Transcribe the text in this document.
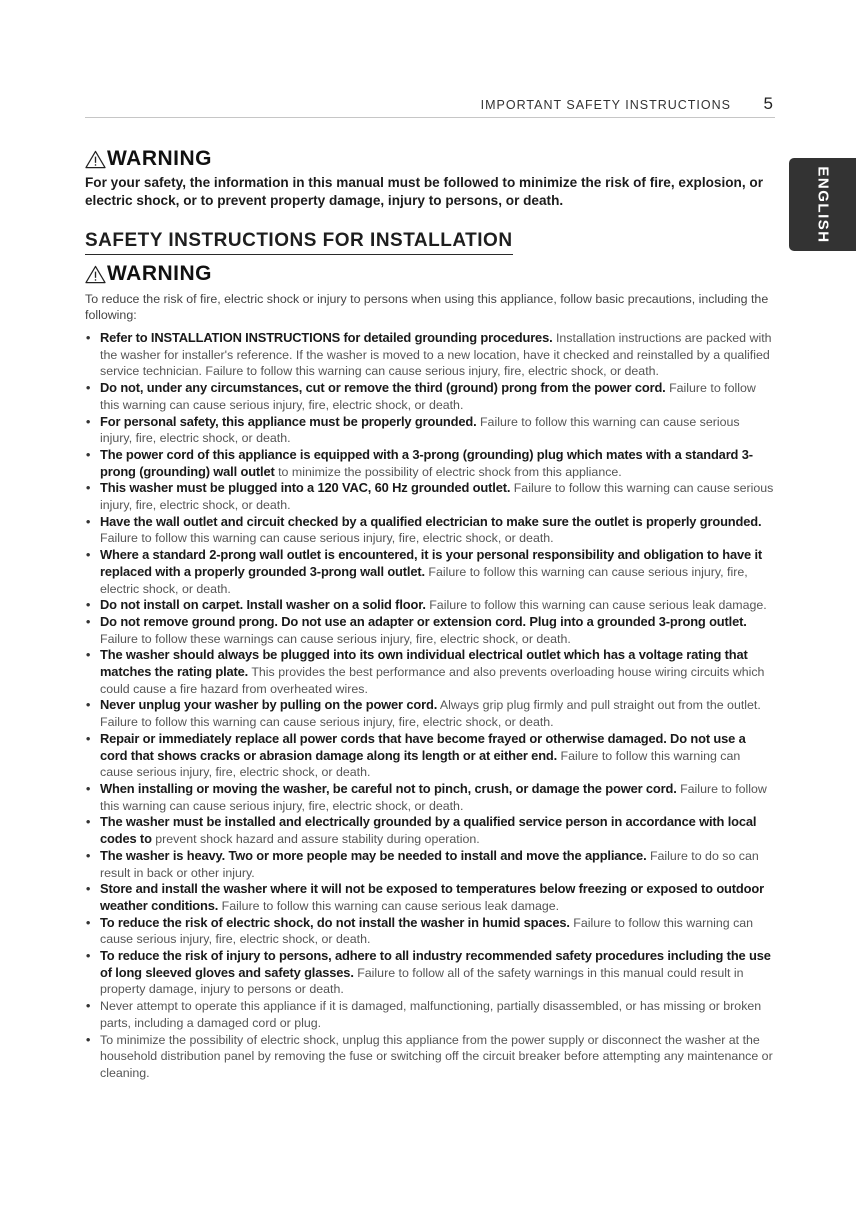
IMPORTANT SAFETY INSTRUCTIONS 5
ENGLISH
WARNING

For your safety, the information in this manual must be followed to minimize the risk of fire, explosion, or electric shock, or to prevent property damage, injury to persons, or death.

SAFETY INSTRUCTIONS FOR INSTALLATION
WARNING

To reduce the risk of fire, electric shock or injury to persons when using this appliance, follow basic precautions, including the following:

• Refer to INSTALLATION INSTRUCTIONS for detailed grounding procedures. Installation instructions are packed with the washer for installer's reference. If the washer is moved to a new location, have it checked and reinstalled by a qualified service technician. Failure to follow this warning can cause serious injury, fire, electric shock, or death.
• Do not, under any circumstances, cut or remove the third (ground) prong from the power cord. Failure to follow this warning can cause serious injury, fire, electric shock, or death.
• For personal safety, this appliance must be properly grounded. Failure to follow this warning can cause serious injury, fire, electric shock, or death.
• The power cord of this appliance is equipped with a 3-prong (grounding) plug which mates with a standard 3-prong (grounding) wall outlet to minimize the possibility of electric shock from this appliance.
• This washer must be plugged into a 120 VAC, 60 Hz grounded outlet. Failure to follow this warning can cause serious injury, fire, electric shock, or death.
• Have the wall outlet and circuit checked by a qualified electrician to make sure the outlet is properly grounded. Failure to follow this warning can cause serious injury, fire, electric shock, or death.
• Where a standard 2-prong wall outlet is encountered, it is your personal responsibility and obligation to have it replaced with a properly grounded 3-prong wall outlet. Failure to follow this warning can cause serious injury, fire, electric shock, or death.
• Do not install on carpet. Install washer on a solid floor. Failure to follow this warning can cause serious leak damage.
• Do not remove ground prong. Do not use an adapter or extension cord. Plug into a grounded 3-prong outlet. Failure to follow these warnings can cause serious injury, fire, electric shock, or death.
• The washer should always be plugged into its own individual electrical outlet which has a voltage rating that matches the rating plate. This provides the best performance and also prevents overloading house wiring circuits which could cause a fire hazard from overheated wires.
• Never unplug your washer by pulling on the power cord. Always grip plug firmly and pull straight out from the outlet. Failure to follow this warning can cause serious injury, fire, electric shock, or death.
• Repair or immediately replace all power cords that have become frayed or otherwise damaged. Do not use a cord that shows cracks or abrasion damage along its length or at either end. Failure to follow this warning can cause serious injury, fire, electric shock, or death.
• When installing or moving the washer, be careful not to pinch, crush, or damage the power cord. Failure to follow this warning can cause serious injury, fire, electric shock, or death.
• The washer must be installed and electrically grounded by a qualified service person in accordance with local codes to prevent shock hazard and assure stability during operation.
• The washer is heavy. Two or more people may be needed to install and move the appliance. Failure to do so can result in back or other injury.
• Store and install the washer where it will not be exposed to temperatures below freezing or exposed to outdoor weather conditions. Failure to follow this warning can cause serious leak damage.
• To reduce the risk of electric shock, do not install the washer in humid spaces. Failure to follow this warning can cause serious injury, fire, electric shock, or death.
• To reduce the risk of injury to persons, adhere to all industry recommended safety procedures including the use of long sleeved gloves and safety glasses. Failure to follow all of the safety warnings in this manual could result in property damage, injury to persons or death.
• Never attempt to operate this appliance if it is damaged, malfunctioning, partially disassembled, or has missing or broken parts, including a damaged cord or plug.
• To minimize the possibility of electric shock, unplug this appliance from the power supply or disconnect the washer at the household distribution panel by removing the fuse or switching off the circuit breaker before attempting any maintenance or cleaning.
